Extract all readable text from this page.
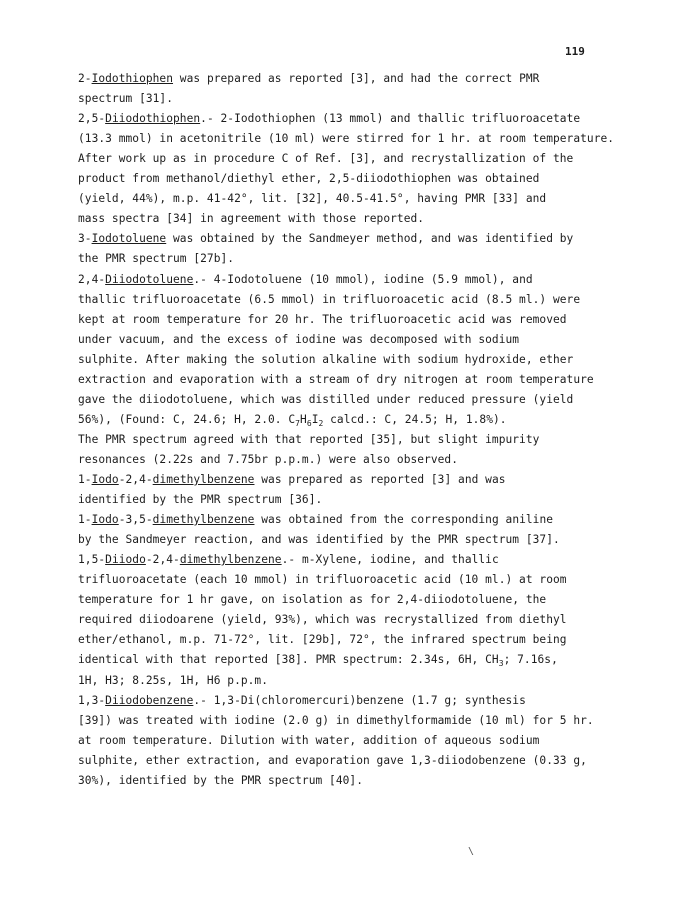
119
2-Iodothiophen was prepared as reported [3], and had the correct PMR
spectrum [31].
2,5-Diiodothiophen.- 2-Iodothiophen (13 mmol) and thallic trifluoroacetate
(13.3 mmol) in acetonitrile (10 ml) were stirred for 1 hr. at room temperature.
After work up as in procedure C of Ref. [3], and recrystallization of the
product from methanol/diethyl ether, 2,5-diiodothiophen was obtained
(yield, 44%), m.p. 41-42°, lit. [32], 40.5-41.5°, having PMR [33] and
mass spectra [34] in agreement with those reported.
3-Iodotoluene was obtained by the Sandmeyer method, and was identified by
the PMR spectrum [27b].
2,4-Diiodotoluene.- 4-Iodotoluene (10 mmol), iodine (5.9 mmol), and
thallic trifluoroacetate (6.5 mmol) in trifluoroacetic acid (8.5 ml.) were
kept at room temperature for 20 hr. The trifluoroacetic acid was removed
under vacuum, and the excess of iodine was decomposed with sodium
sulphite. After making the solution alkaline with sodium hydroxide, ether
extraction and evaporation with a stream of dry nitrogen at room temperature
gave the diiodotoluene, which was distilled under reduced pressure (yield
56%), (Found: C, 24.6; H, 2.0. $C_7H_6I_2$ calcd.: C, 24.5; H, 1.8%).
The PMR spectrum agreed with that reported [35], but slight impurity
resonances (2.22s and 7.75br p.p.m.) were also observed.
1-Iodo-2,4-dimethylbenzene was prepared as reported [3] and was
identified by the PMR spectrum [36].
1-Iodo-3,5-dimethylbenzene was obtained from the corresponding aniline
by the Sandmeyer reaction, and was identified by the PMR spectrum [37].
1,5-Diiodo-2,4-dimethylbenzene.- m-Xylene, iodine, and thallic
trifluoroacetate (each 10 mmol) in trifluoroacetic acid (10 ml.) at room
temperature for 1 hr gave, on isolation as for 2,4-diiodotoluene, the
required diiodoarene (yield, 93%), which was recrystallized from diethyl
ether/ethanol, m.p. 71-72°, lit. [29b], 72°, the infrared spectrum being
identical with that reported [38]. PMR spectrum: 2.34s, 6H, $CH_3$; 7.16s,
1H, H3; 8.25s, 1H, H6 p.p.m.
1,3-Diiodobenzene.- 1,3-Di(chloromercuri)benzene (1.7 g; synthesis
[39]) was treated with iodine (2.0 g) in dimethylformamide (10 ml) for 5 hr.
at room temperature. Dilution with water, addition of aqueous sodium
sulphite, ether extraction, and evaporation gave 1,3-diiodobenzene (0.33 g,
30%), identified by the PMR spectrum [40].
\
